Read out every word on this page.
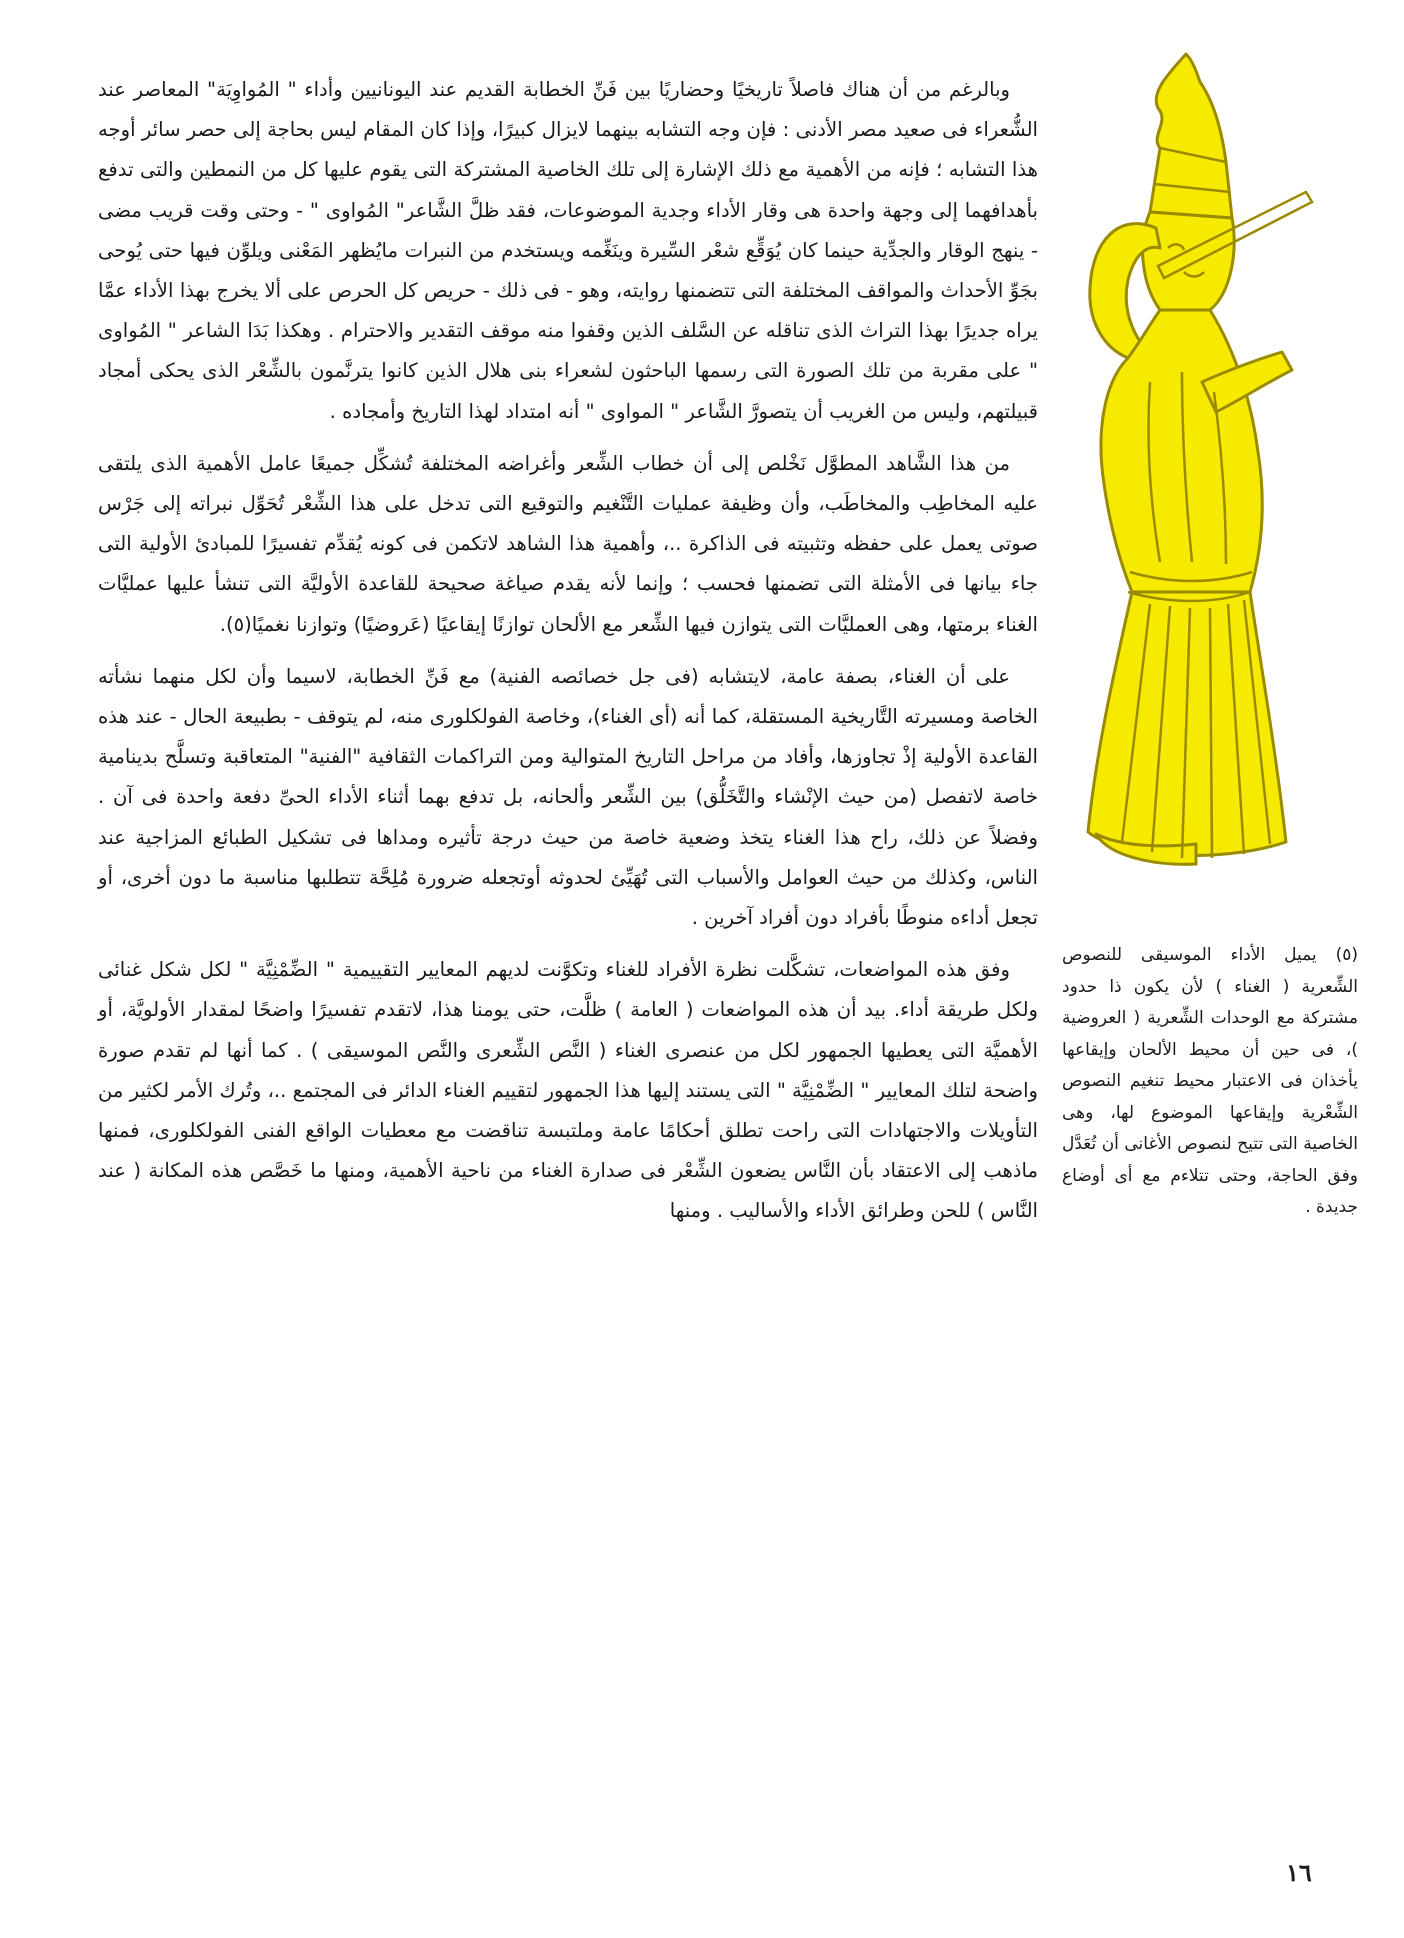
وبالرغم من أن هناك فاصلاً تاريخيًا وحضاريًا بين فَنِّ الخطابة القديم عند اليونانيين وأداء " المُواوِيَة" المعاصر عند الشُّعراء فى صعيد مصر الأدنى : فإن وجه التشابه بينهما لايزال كبيرًا، وإذا كان المقام ليس بحاجة إلى حصر سائر أوجه هذا التشابه ؛ فإنه من الأهمية مع ذلك الإشارة إلى تلك الخاصية المشتركة التى يقوم عليها كل من النمطين والتى تدفع بأهدافهما إلى وجهة واحدة هى وقار الأداء وجدية الموضوعات، فقد ظلَّ الشَّاعر" المُواوى " - وحتى وقت قريب مضى - ينهج الوقار والجدِّية حينما كان يُوَقِّع شعْر السِّيرة وينَغِّمه ويستخدم من النبرات مايُظهر المَعْنى ويلوِّن فيها حتى يُوحى بجَوِّ الأحداث والمواقف المختلفة التى تتضمنها روايته، وهو - فى ذلك - حريص كل الحرص على ألا يخرج بهذا الأداء عمَّا يراه جديرًا بهذا التراث الذى تناقله عن السَّلف الذين وقفوا منه موقف التقدير والاحترام . وهكذا بَدَا الشاعر " المُواوى " على مقربة من تلك الصورة التى رسمها الباحثون لشعراء بنى هلال الذين كانوا يترنَّمون بالشِّعْر الذى يحكى أمجاد قبيلتهم، وليس من الغريب أن يتصورَّ الشَّاعر " المواوى " أنه امتداد لهذا التاريخ وأمجاده .

من هذا الشَّاهد المطوَّل نَخْلص إلى أن خطاب الشِّعر وأغراضه المختلفة تُشكِّل جميعًا عامل الأهمية الذى يلتقى عليه المخاطِب والمخاطَب، وأن وظيفة عمليات التَّنْغيم والتوقيع التى تدخل على هذا الشِّعْر تُحَوِّل نبراته إلى جَرْس صوتى يعمل على حفظه وتثبيته فى الذاكرة ..، وأهمية هذا الشاهد لاتكمن فى كونه يُقدِّم تفسيرًا للمبادئ الأولية التى جاء بيانها فى الأمثلة التى تضمنها فحسب ؛ وإنما لأنه يقدم صياغة صحيحة للقاعدة الأوليَّة التى تنشأ عليها عمليَّات الغناء برمتها، وهى العمليَّات التى يتوازن فيها الشِّعر مع الألحان توازنًا إيقاعيًا (عَروضيًا) وتوازنا نغميًا(٥).

على أن الغناء، بصفة عامة، لايتشابه (فى جل خصائصه الفنية) مع فَنِّ الخطابة، لاسيما وأن لكل منهما نشأته الخاصة ومسيرته التَّاريخية المستقلة، كما أنه (أى الغناء)، وخاصة الفولكلورى منه، لم يتوقف - بطبيعة الحال - عند هذه القاعدة الأولية إذْ تجاوزها، وأفاد من مراحل التاريخ المتوالية ومن التراكمات الثقافية "الفنية" المتعاقبة وتسلَّح بدينامية خاصة لاتفصل (من حيث الإنْشاء والتَّخَلُّق) بين الشِّعر وألحانه، بل تدفع بهما أثناء الأداء الحىِّ دفعة واحدة فى آن . وفضلاً عن ذلك، راح هذا الغناء يتخذ وضعية خاصة من حيث درجة تأثيره ومداها فى تشكيل الطبائع المزاجية عند الناس، وكذلك من حيث العوامل والأسباب التى تُهَيِّئ لحدوثه أوتجعله ضرورة مُلِحَّة تتطلبها مناسبة ما دون أخرى، أو تجعل أداءه منوطًا بأفراد دون أفراد آخرين .

وفق هذه المواضعات، تشكَّلت نظرة الأفراد للغناء وتكوَّنت لديهم المعايير التقييمية " الضِّمْنِيَّة " لكل شكل غنائى ولكل طريقة أداء. بيد أن هذه المواضعات ( العامة ) ظلَّت، حتى يومنا هذا، لاتقدم تفسيرًا واضحًا لمقدار الأولويَّة، أو الأهميَّة التى يعطيها الجمهور لكل من عنصرى الغناء ( النَّص الشِّعرى والنَّص الموسيقى ) . كما أنها لم تقدم صورة واضحة لتلك المعايير " الضِّمْنِيَّة " التى يستند إليها هذا الجمهور لتقييم الغناء الدائر فى المجتمع ..، وتُرك الأمر لكثير من التأويلات والاجتهادات التى راحت تطلق أحكامًا عامة وملتبسة تناقضت مع معطيات الواقع الفنى الفولكلورى، فمنها ماذهب إلى الاعتقاد بأن النَّاس يضعون الشِّعْر فى صدارة الغناء من ناحية الأهمية، ومنها ما خَصَّص هذه المكانة ( عند النَّاس ) للحن وطرائق الأداء والأساليب . ومنها

(٥) يميل الأداء الموسيقى للنصوص الشِّعرية ( الغناء ) لأن يكون ذا حدود مشتركة مع الوحدات الشِّعرية ( العروضية )، فى حين أن محيط الألحان وإيقاعها يأخذان فى الاعتبار محيط تنغيم النصوص الشِّعْرية وإيقاعها الموضوع لها، وهى الخاصية التى تتيح لنصوص الأغانى أن تُعَدَّل وفق الحاجة، وحتى تتلاءم مع أى أوضاع جديدة .
١٦
